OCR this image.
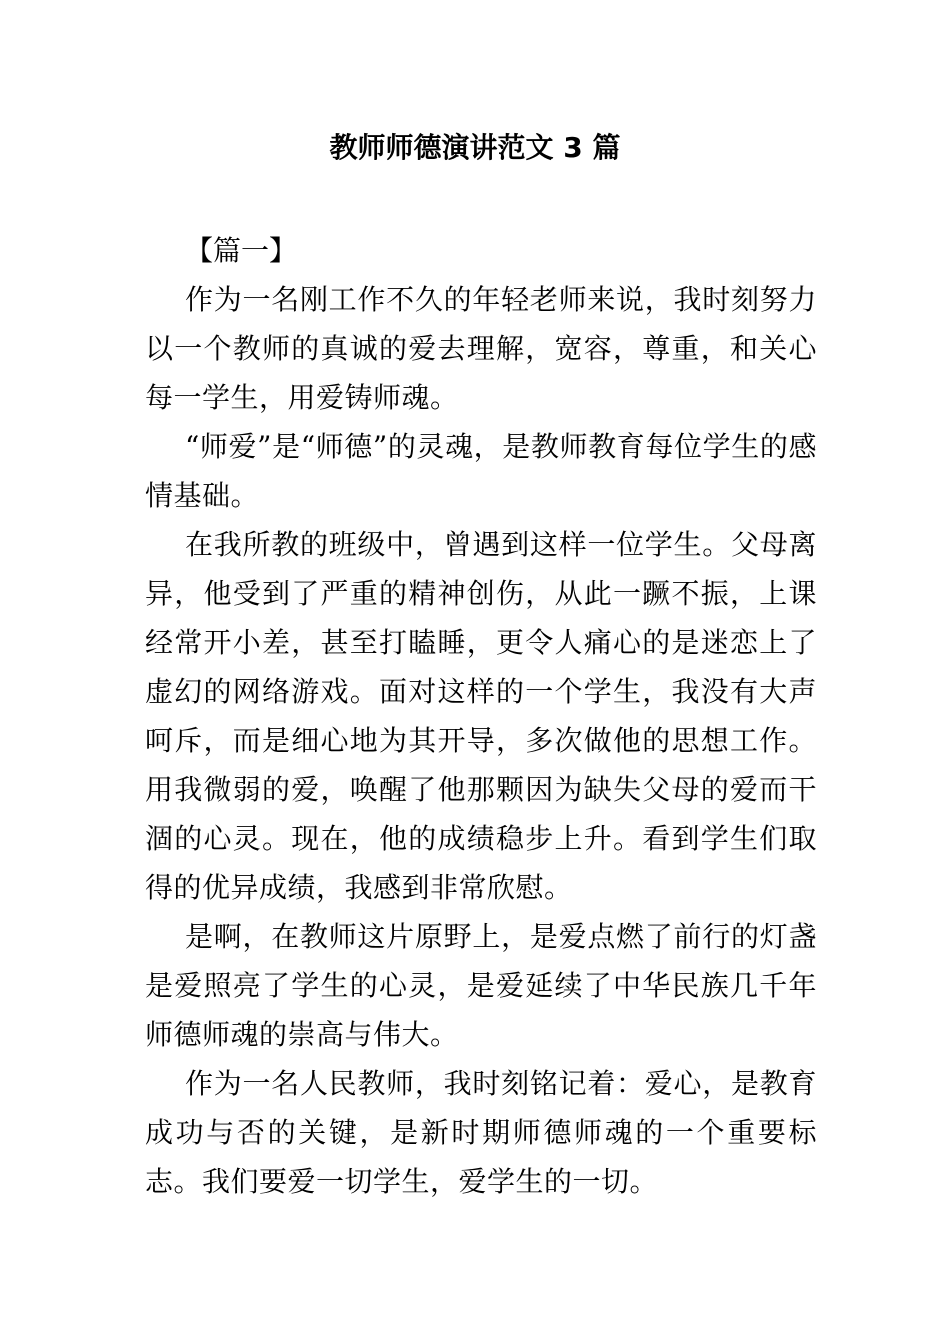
教师师德演讲范文 3 篇
【篇一】

作为一名刚工作不久的年轻老师来说，我时刻努力以一个教师的真诚的爱去理解，宽容，尊重，和关心每一学生，用爱铸师魂。

“师爱”是“师德”的灵魂，是教师教育每位学生的感情基础。

在我所教的班级中，曾遇到这样一位学生。父母离异，他受到了严重的精神创伤，从此一蹶不振，上课经常开小差，甚至打瞌睡，更令人痛心的是迷恋上了虚幻的网络游戏。面对这样的一个学生，我没有大声呵斥，而是细心地为其开导，多次做他的思想工作。用我微弱的爱，唤醒了他那颗因为缺失父母的爱而干涸的心灵。现在，他的成绩稳步上升。看到学生们取得的优异成绩，我感到非常欣慰。

是啊，在教师这片原野上，是爱点燃了前行的灯盏是爱照亮了学生的心灵，是爱延续了中华民族几千年师德师魂的崇高与伟大。

作为一名人民教师，我时刻铭记着：爱心，是教育成功与否的关键，是新时期师德师魂的一个重要标志。我们要爱一切学生，爱学生的一切。
